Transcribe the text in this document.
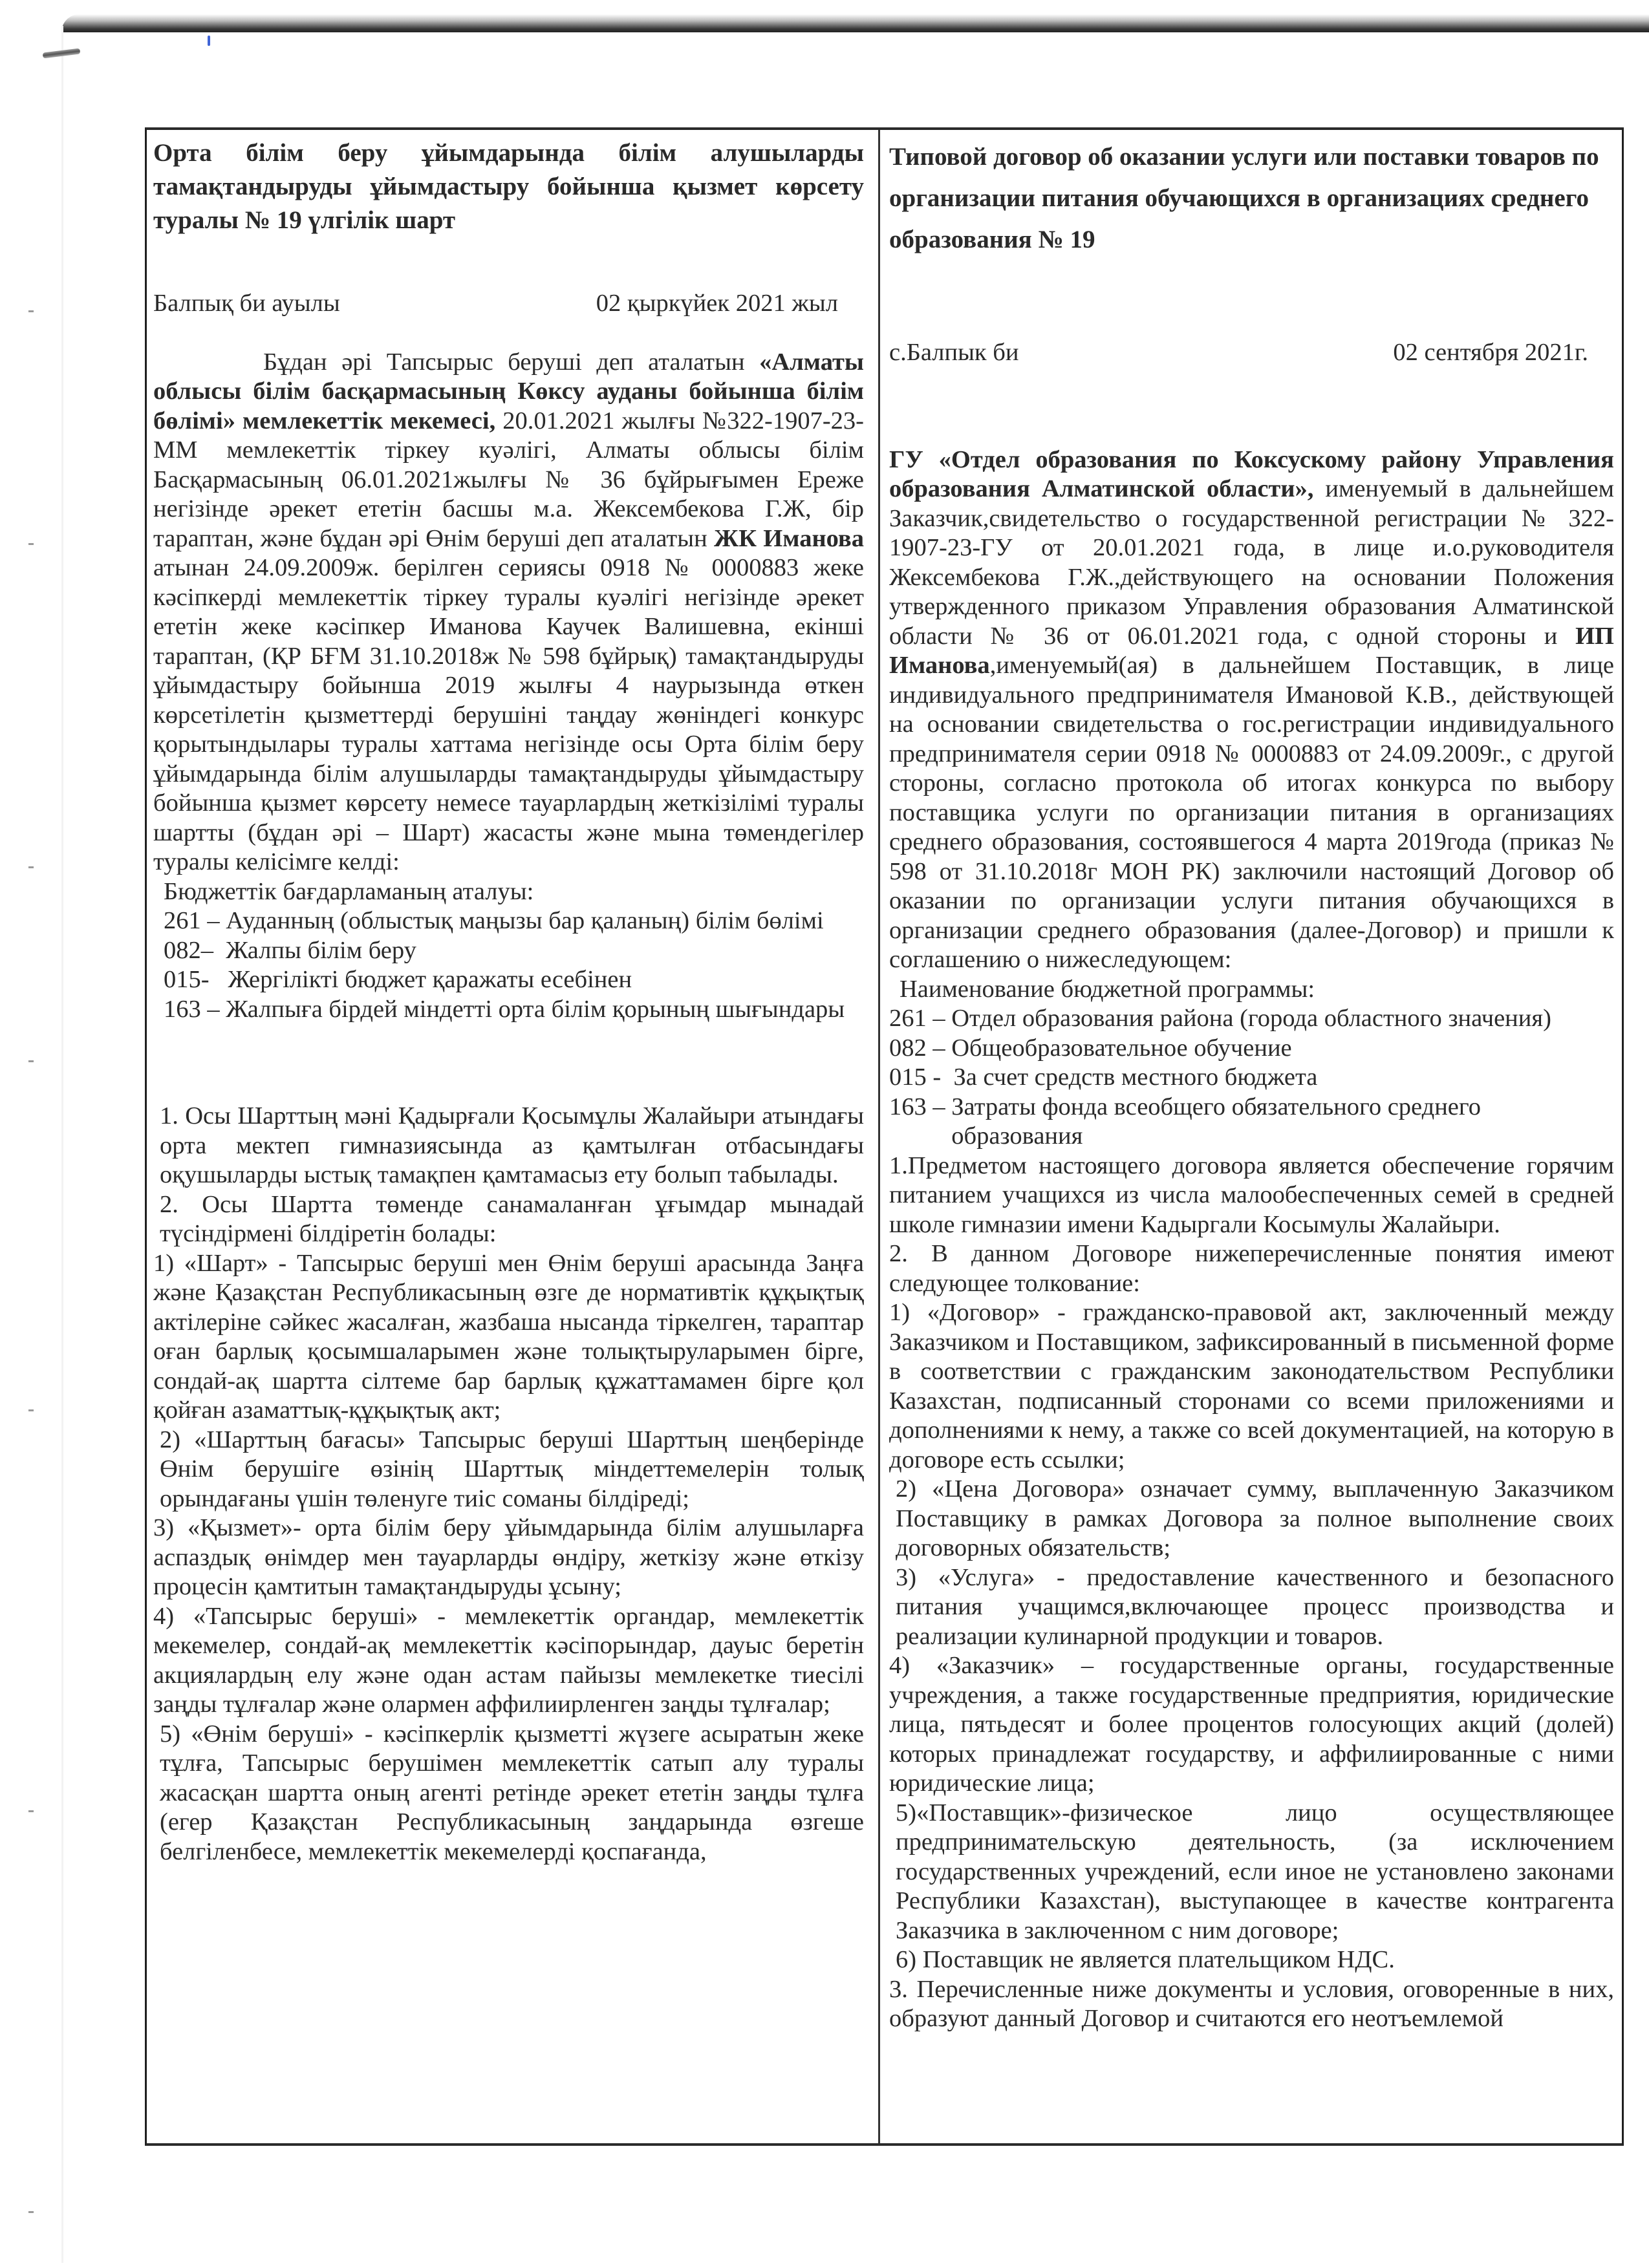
Орта білім беру ұйымдарында білім алушыларды тамақтандыруды ұйымдастыру бойынша қызмет көрсету туралы № 19 үлгілік шарт

Балпық би ауылы	02 қыркүйек 2021 жыл

Бұдан әрі Тапсырыс беруші деп аталатын «Алматы облысы білім басқармасының Көксу ауданы бойынша білім бөлімі» мемлекеттік мекемесі, 20.01.2021 жылғы №322-1907-23-ММ мемлекеттік тіркеу куәлігі, Алматы облысы білім Басқармасының 06.01.2021жылғы № 36 бұйрығымен Ереже негізінде әрекет ететін басшы м.а. Жексембекова Г.Ж, бір тараптан, және бұдан әрі Өнім беруші деп аталатын ЖК Иманова атынан 24.09.2009ж. берілген сериясы 0918 № 0000883 жеке кәсіпкерді мемлекеттік тіркеу туралы куәлігі негізінде әрекет ететін жеке кәсіпкер Иманова Каучек Валишевна, екінші тараптан, (ҚР БҒМ 31.10.2018ж № 598 бұйрық) тамақтандыруды ұйымдастыру бойынша 2019 жылғы 4 наурызында өткен көрсетілетін қызметтерді берушіні таңдау жөніндегі конкурс қорытындылары туралы хаттама негізінде осы Орта білім беру ұйымдарында білім алушыларды тамақтандыруды ұйымдастыру бойынша қызмет көрсету немесе тауарлардың жеткізілімі туралы шартты (бұдан әрі – Шарт) жасасты және мына төмендегілер туралы келісімге келді:

Бюджеттік бағдарламаның аталуы:

261 – Ауданның (облыстық маңызы бар қаланың) білім бөлімі
082– Жалпы білім беру
015- Жергілікті бюджет қаражаты есебінен
163 – Жалпыға бірдей міндетті орта білім қорының шығындары

1. Осы Шарттың мәні Қадырғали Қосымұлы Жалайыри атындағы орта мектеп гимназиясында аз қамтылған отбасындағы оқушыларды ыстық тамақпен қамтамасыз ету болып табылады.

2. Осы Шартта төменде санамаланған ұғымдар мынадай түсіндірмені білдіретін болады:

1) «Шарт» - Тапсырыс беруші мен Өнім беруші арасында Заңға және Қазақстан Республикасының өзге де нормативтік құқықтық актілеріне сәйкес жасалған, жазбаша нысанда тіркелген, тараптар оған барлық қосымшаларымен және толықтыруларымен бірге, сондай-ақ шартта сілтеме бар барлық құжаттамамен бірге қол қойған азаматтық-құқықтық акт;

2) «Шарттың бағасы» Тапсырыс беруші Шарттың шеңберінде Өнім берушіге өзінің Шарттық міндеттемелерін толық орындағаны үшін төленуге тиіс соманы білдіреді;

3) «Қызмет»- орта білім беру ұйымдарында білім алушыларға аспаздық өнімдер мен тауарларды өндіру, жеткізу және өткізу процесін қамтитын тамақтандыруды ұсыну;

4) «Тапсырыс беруші» - мемлекеттік органдар, мемлекеттік мекемелер, сондай-ақ мемлекеттік кәсіпорындар, дауыс беретін акциялардың елу және одан астам пайызы мемлекетке тиесілі заңды тұлғалар және олармен аффилиирленген заңды тұлғалар;

5) «Өнім беруші» - кәсіпкерлік қызметті жүзеге асыратын жеке тұлға, Тапсырыс берушімен мемлекеттік сатып алу туралы жасасқан шартта оның агенті ретінде әрекет ететін заңды тұлға (егер Қазақстан Республикасының заңдарында өзгеше белгіленбесе, мемлекеттік мекемелерді қоспағанда,

Типовой договор об оказании услуги или поставки товаров по организации питания обучающихся в организациях среднего образования № 19

с.Балпык би	02 сентября 2021г.

ГУ «Отдел образования по Коксускому району Управления образования Алматинской области», именуемый в дальнейшем Заказчик,свидетельство о государственной регистрации № 322-1907-23-ГУ от 20.01.2021 года, в лице и.о.руководителя Жексембекова Г.Ж.,действующего на основании Положения утвержденного приказом Управления образования Алматинской области № 36 от 06.01.2021 года, с одной стороны и ИП Иманова,именуемый(ая) в дальнейшем Поставщик, в лице индивидуального предпринимателя Имановой К.В., действующей на основании свидетельства о гос.регистрации индивидуального предпринимателя серии 0918 № 0000883 от 24.09.2009г., с другой стороны, согласно протокола об итогах конкурса по выбору поставщика услуги по организации питания в организациях среднего образования, состоявшегося 4 марта 2019года (приказ № 598 от 31.10.2018г МОН РК) заключили настоящий Договор об оказании по организации услуги питания обучающихся в организации среднего образования (далее-Договор) и пришли к соглашению о нижеследующем:

Наименование бюджетной программы:

261 – Отдел образования района (города областного значения)
082 – Общеобразовательное обучение
015 - За счет средств местного бюджета
163 – Затраты фонда всеобщего обязательного среднего образования

1.Предметом настоящего договора является обеспечение горячим питанием учащихся из числа малообеспеченных семей в средней школе гимназии имени Кадыргали Косымулы Жалайыри.

2. В данном Договоре нижеперечисленные понятия имеют следующее толкование:

1) «Договор» - гражданско-правовой акт, заключенный между Заказчиком и Поставщиком, зафиксированный в письменной форме в соответствии с гражданским законодательством Республики Казахстан, подписанный сторонами со всеми приложениями и дополнениями к нему, а также со всей документацией, на которую в договоре есть ссылки;

2) «Цена Договора» означает сумму, выплаченную Заказчиком Поставщику в рамках Договора за полное выполнение своих договорных обязательств;

3) «Услуга» - предоставление качественного и безопасного питания учащимся,включающее процесс производства и реализации кулинарной продукции и товаров.

4) «Заказчик» – государственные органы, государственные учреждения, а также государственные предприятия, юридические лица, пятьдесят и более процентов голосующих акций (долей) которых принадлежат государству, и аффилиированные с ними юридические лица;

5)«Поставщик»-физическое лицо осуществляющее предпринимательскую деятельность, (за исключением государственных учреждений, если иное не установлено законами Республики Казахстан), выступающее в качестве контрагента Заказчика в заключенном с ним договоре;

6) Поставщик не является плательщиком НДС.

3. Перечисленные ниже документы и условия, оговоренные в них, образуют данный Договор и считаются его неотъемлемой
